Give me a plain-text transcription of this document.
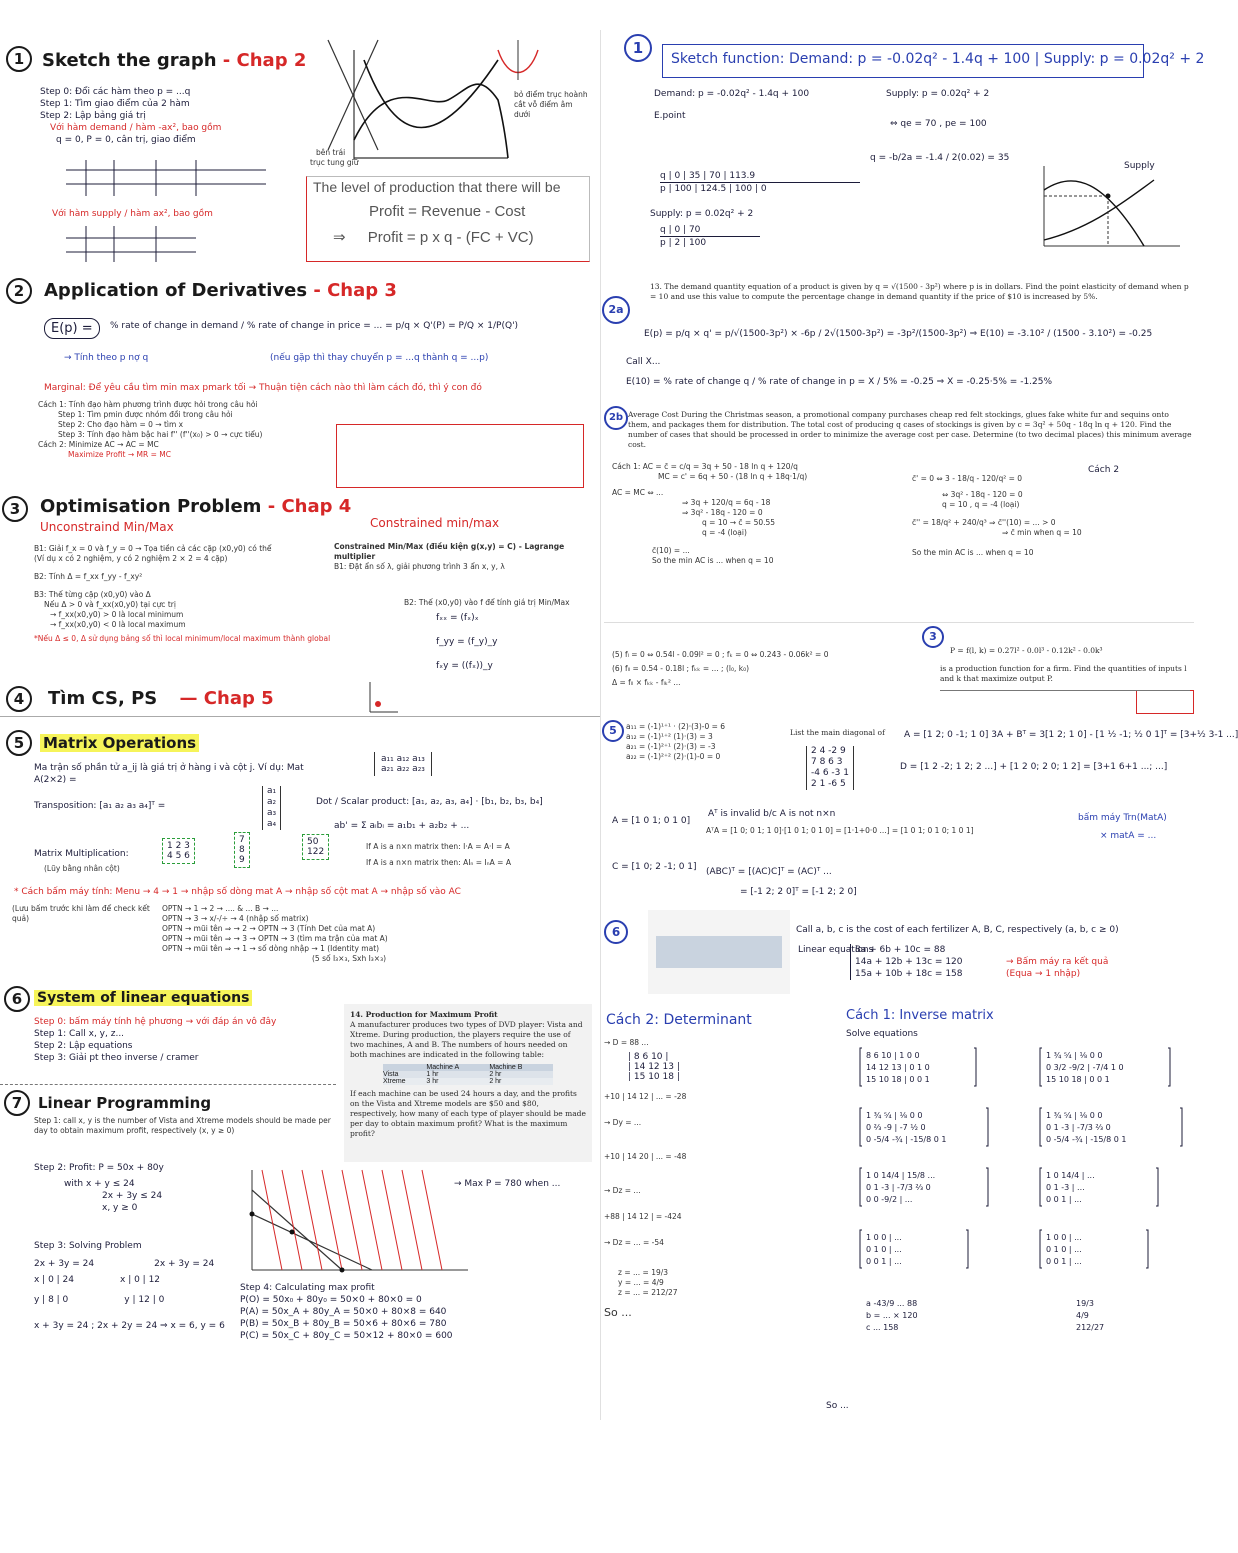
1 Sketch the graph - Chap 2
Step 0: Đổi các hàm theo p = ...q
Step 1: Tìm giao điểm của 2 hàm
Step 2: Lập bảng giá trị
Với hàm demand / hàm -ax², bao gồm
q = 0, P = 0, cân trị, giao điểm
Với hàm supply / hàm ax², bao gồm
bên trái
trục tung giữ
bỏ điểm trục hoành
cắt vỗ điểm âm
dưới
The level of production that there will be
Profit = Revenue - Cost
⇒ Profit = p x q - (FC + VC)
2	Application of Derivatives - Chap 3
E(p) =	% rate of change in demand / % rate of change in price = ... = p/q × Q'(P) = P/Q × 1/P(Q')
→ Tính theo p nợ q	(nếu gặp thì thay chuyển p = ...q thành q = ...p)
Marginal: Để yêu cầu tìm min max pmark tối → Thuận tiện cách nào thì làm cách đó, thì ý con đó
Cách 1: Tính đạo hàm phương trình được hỏi trong câu hỏi
Step 1: Tìm pmin được nhóm đồi trong câu hỏi
Step 2: Cho đạo hàm = 0 → tìm x
Step 3: Tính đạo hàm bậc hai f'' (f''(x₀) > 0 → cực tiểu)
Cách 2: Minimize AC → AC = MC
Maximize Profit → MR = MC
3	Optimisation Problem - Chap 4
Unconstraind Min/Max	Constrained min/max
B1: Giải f_x = 0 và f_y = 0 → Tọa tiền cả các cặp (x0,y0) có thể
(Ví dụ x có 2 nghiệm, y có 2 nghiệm 2 × 2 = 4 cặp)
B2: Tính Δ = f_xx f_yy - f_xy²
B3: Thế từng cặp (x0,y0) vào Δ
Nếu Δ > 0 và f_xx(x0,y0) tại cực trị
→ f_xx(x0,y0) > 0 là local minimum
→ f_xx(x0,y0) < 0 là local maximum
*Nếu Δ ≤ 0, Δ sử dụng bảng số thì local minimum/local maximum thành global
Constrained Min/Max (điều kiện g(x,y) = C) - Lagrange multiplier
B1: Đặt ẩn số λ, giải phương trình 3 ẩn x, y, λ
B2: Thế (x0,y0) vào f để tính giá trị Min/Max
fₓₓ = (fₓ)ₓ
f_yy = (f_y)_y
fₓy = ((fₓ))_y
4	Tìm CS, PS — Chap 5
5	Matrix Operations
Ma trận số phần tử a_ij là giá trị ở hàng i và cột j. Ví dụ: Mat A(2×2) =
a₁₁ a₁₂ a₁₃
a₂₁ a₂₂ a₂₃
Transposition: [a₁ a₂ a₃ a₄]ᵀ =
a₁
a₂
a₃
a₄
Dot / Scalar product: [a₁, a₂, a₃, a₄] · [b₁, b₂, b₃, b₄]
ab' = Σ aᵢbᵢ = a₁b₁ + a₂b₂ + ...
Matrix Multiplication:
(Lũy bằng nhân cột)
1 2 3
4 5 6
7
8
9
50
122
If A is a n×n matrix then: I·A = A·I = A
If A is a n×n matrix then: AIₙ = IₙA = A
* Cách bấm máy tính: Menu → 4 → 1 → nhập số dòng mat A → nhập số cột mat A → nhập số vào AC
(Lưu bấm trước khi làm để check kết quả)
OPTN → 1 → 2 → .... & ... B → ...
OPTN → 3 → x/-/÷ → 4 (nhập số matrix)
OPTN → mũi tên ⇒ → 2 → OPTN → 3 (Tính Det của mat A)
OPTN → mũi tên ⇒ → 3 → OPTN → 3 (tìm ma trận của mat A)
OPTN → mũi tên ⇒ → 1 → số dòng nhập → 1 (Identity mat)
(5 số I₃×₃, Sxh I₃×₃)
6	System of linear equations
Step 0: bấm máy tính hệ phương → với đáp án vô đây
Step 1: Call x, y, z...
Step 2: Lập equations
Step 3: Giải pt theo inverse / cramer
7	Linear Programming
Step 1: call x, y is the number of Vista and Xtreme models should be made per day to obtain maximum profit, respectively (x, y ≥ 0)
Step 2: Profit: P = 50x + 80y
with x + y ≤ 24
2x + 3y ≤ 24
x, y ≥ 0
Step 3: Solving Problem
2x + 3y = 24	2x + 3y = 24
x | 0 | 24	x | 0 | 12
y | 8 | 0	y | 12 | 0
x + 3y = 24 ; 2x + 2y = 24 ⇒ x = 6, y = 6
14. Production for Maximum Profit
A manufacturer produces two types of DVD player: Vista and Xtreme. During production, the players require the use of two machines, A and B. The numbers of hours needed on both machines are indicated in the following table:
	Machine A	Machine B
Vista	1 hr	2 hr
Xtreme	3 hr	2 hr
If each machine can be used 24 hours a day, and the profits on the Vista and Xtreme models are $50 and $80, respectively, how many of each type of player should be made per day to obtain maximum profit? What is the maximum profit?
→ Max P = 780 when ...
Step 4: Calculating max profit
P(O) = 50x₀ + 80y₀ = 50×0 + 80×0 = 0
P(A) = 50x_A + 80y_A = 50×0 + 80×8 = 640
P(B) = 50x_B + 80y_B = 50×6 + 80×6 = 780
P(C) = 50x_C + 80y_C = 50×12 + 80×0 = 600
1
Sketch function: Demand: p = -0.02q² - 1.4q + 100 | Supply: p = 0.02q² + 2
Demand: p = -0.02q² - 1.4q + 100	Supply: p = 0.02q² + 2
E.point
⇔ qe = 70 , pe = 100
q = -b/2a = -1.4 / 2(0.02) = 35
q | 0 | 35 | 70 | 113.9
p | 100 | 124.5 | 100 | 0
Supply: p = 0.02q² + 2
q | 0 | 70
p | 2 | 100
Supply
2a
13. The demand quantity equation of a product is given by q = √(1500 - 3p²) where p is in dollars. Find the point elasticity of demand when p = 10 and use this value to compute the percentage change in demand quantity if the price of $10 is increased by 5%.
E(p) = p/q × q' = p/√(1500-3p²) × -6p / 2√(1500-3p²) = -3p²/(1500-3p²) ⇒ E(10) = -3.10² / (1500 - 3.10²) = -0.25
Call X...
E(10) = % rate of change q / % rate of change in p = X / 5% = -0.25 ⇒ X = -0.25·5% = -1.25%
2b Average Cost During the Christmas season, a promotional company purchases cheap red felt stockings, glues fake white fur and sequins onto them, and packages them for distribution. The total cost of producing q cases of stockings is given by c = 3q² + 50q - 18q ln q + 120. Find the number of cases that should be processed in order to minimize the average cost per case. Determine (to two decimal places) this minimum average cost.
Cách 1: AC = c̄ = c/q = 3q + 50 - 18 ln q + 120/q
MC = c' = 6q + 50 - (18 ln q + 18q·1/q)
AC = MC ⇔ ...
⇒ 3q + 120/q = 6q - 18
⇒ 3q² - 18q - 120 = 0
q = 10 → c̄ = 50.55
q = -4 (loại)
c̄(10) = ...
So the min AC is ... when q = 10
Cách 2
c̄' = 0 ⇔ 3 - 18/q - 120/q² = 0
⇔ 3q² - 18q - 120 = 0
q = 10 , q = -4 (loại)
c̄'' = 18/q² + 240/q³ ⇒ c̄''(10) = ... > 0
⇒ c̄ min when q = 10
So the min AC is ... when q = 10
3
P = f(l, k) = 0.27l² - 0.0l³ - 0.12k² - 0.0k³
is a production function for a firm. Find the quantities of inputs l and k that maximize output P.
(5) fₗ = 0 ⇔ 0.54l - 0.09l² = 0 ; fₖ = 0 ⇔ 0.243 - 0.06k² = 0
(6) fₗₗ = 0.54 - 0.18l ; fₖₖ = ... ; (l₀, k₀)
Δ = fₗₗ × fₖₖ - fₗₖ² ...
5	a₁₁ = (-1)¹⁺¹ · (2)·(3)-0 = 6
a₁₂ = (-1)¹⁺² (1)·(3) = 3
a₂₁ = (-1)²⁺¹ (2)·(3) = -3
a₂₂ = (-1)²⁺² (2)·(1)-0 = 0
List the main diagonal of
2 4 -2 9
7 8 6 3
-4 6 -3 1
2 1 -6 5
A = [1 2; 0 -1; 1 0] 3A + Bᵀ = 3[1 2; 1 0] - [1 ½ -1; ½ 0 1]ᵀ = [3+½ 3-1 ...]
D = [1 2 -2; 1 2; 2 ...] + [1 2 0; 2 0; 1 2] = [3+1 6+1 ...; ...]
Aᵀ is invalid b/c A is not n×n
A = [1 0 1; 0 1 0]
AᵀA = [1 0; 0 1; 1 0]·[1 0 1; 0 1 0] = [1·1+0·0 ...] = [1 0 1; 0 1 0; 1 0 1]
bấm máy Trn(MatA)
× matA = ...
C = [1 0; 2 -1; 0 1] (ABC)ᵀ = [(AC)C]ᵀ = (AC)ᵀ ...
= [-1 2; 2 0]ᵀ = [-1 2; 2 0]
6	Call a, b, c is the cost of each fertilizer A, B, C, respectively (a, b, c ≥ 0)
Linear equations
8a + 6b + 10c = 88
14a + 12b + 13c = 120
15a + 10b + 18c = 158
→ Bấm máy ra kết quả (Equa → 1 nhập)
Cách 2: Determinant	Cách 1: Inverse matrix
Solve equations
→ D = 88 ...
| 8 6 10 |
| 14 12 13 |
| 15 10 18 |
+10 | 14 12 | ... = -28
→ Dy = ...
+10 | 14 20 | ... = -48
→ Dz = ...
+88 | 14 12 | = -424
→ Dz = ... = -54
z = ... = 19/3
y = ... = 4/9
z = ... = 212/27
So ...
8 6 10 | 1 0 0
14 12 13 | 0 1 0
15 10 18 | 0 0 1
1 ¾ ⁵⁄₄ | ⅛ 0 0
0 3/2 -9/2 | -7/4 1 0
15 10 18 | 0 0 1
1 ¾ ⁵⁄₄ | ⅛ 0 0
0 ⅔ -9 | -7 ½ 0
0 -5/4 -¾ | -15/8 0 1
1 ¾ ⁵⁄₄ | ⅛ 0 0
0 1 -3 | -7/3 ⅔ 0
0 -5/4 -¾ | -15/8 0 1
1 0 14/4 | 15/8 ...
0 1 -3 | -7/3 ⅔ 0
0 0 -9/2 | ...
1 0 14/4 | ...
0 1 -3 | ...
0 0 1 | ...
1 0 0 | ...
0 1 0 | ...
0 0 1 | ...
1 0 0 | ...
0 1 0 | ...
0 0 1 | ...
a -43/9 ... 88
b = ... × 120
c ... 158
19/3
4/9
212/27
So ...
